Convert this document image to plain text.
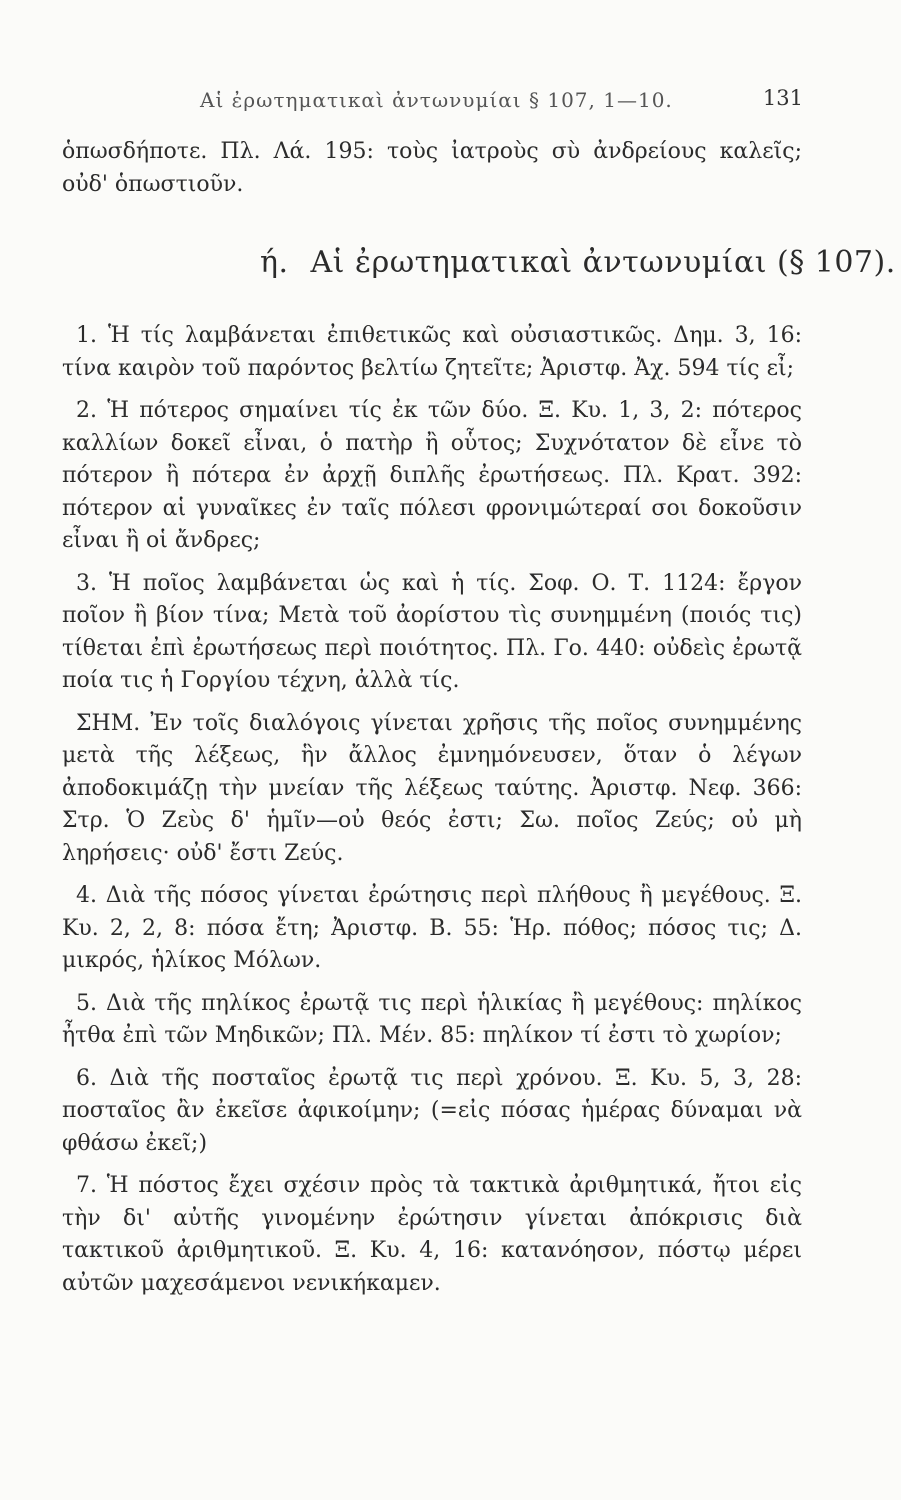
Αἱ ἐρωτηματικαὶ ἀντωνυμίαι § 107, 1—10.	131

ὁπωσδήποτε. Πλ. Λά. 195: τοὺς ἰατροὺς σὺ ἀνδρείους καλεῖς; οὐδ' ὁπωστιοῦν.

ή. Αἱ ἐρωτηματικαὶ ἀντωνυμίαι (§ 107).

1. Ἡ τίς λαμβάνεται ἐπιθετικῶς καὶ οὐσιαστικῶς. Δημ. 3, 16: τίνα καιρὸν τοῦ παρόντος βελτίω ζητεῖτε; Ἀριστφ. Ἀχ. 594 τίς εἶ;

2. Ἡ πότερος σημαίνει τίς ἐκ τῶν δύο. Ξ. Κυ. 1, 3, 2: πότερος καλλίων δοκεῖ εἶναι, ὁ πατὴρ ἢ οὗτος; Συχνότατον δὲ εἶνε τὸ πότερον ἢ πότερα ἐν ἀρχῇ διπλῆς ἐρωτήσεως. Πλ. Κρατ. 392: πότερον αἱ γυναῖκες ἐν ταῖς πόλεσι φρονιμώτεραί σοι δοκοῦσιν εἶναι ἢ οἱ ἄνδρες;

3. Ἡ ποῖος λαμβάνεται ὡς καὶ ἡ τίς. Σοφ. Ο. Τ. 1124: ἔργον ποῖον ἢ βίον τίνα; Μετὰ τοῦ ἀορίστου τὶς συνημμένη (ποιός τις) τίθεται ἐπὶ ἐρωτήσεως περὶ ποιότητος. Πλ. Γο. 440: οὐδεὶς ἐρωτᾷ ποία τις ἡ Γοργίου τέχνη, ἀλλὰ τίς.

ΣΗΜ. Ἐν τοῖς διαλόγοις γίνεται χρῆσις τῆς ποῖος συνημμένης μετὰ τῆς λέξεως, ἣν ἄλλος ἐμνημόνευσεν, ὅταν ὁ λέγων ἀποδοκιμάζῃ τὴν μνείαν τῆς λέξεως ταύτης. Ἀριστφ. Νεφ. 366: Στρ. Ὁ Ζεὺς δ' ἡμῖν—οὐ θεός ἐστι; Σω. ποῖος Ζεύς; οὐ μὴ ληρήσεις· οὐδ' ἔστι Ζεύς.

4. Διὰ τῆς πόσος γίνεται ἐρώτησις περὶ πλήθους ἢ μεγέθους. Ξ. Κυ. 2, 2, 8: πόσα ἔτη; Ἀριστφ. Β. 55: Ἡρ. πόθος; πόσος τις; Δ. μικρός, ἡλίκος Μόλων.

5. Διὰ τῆς πηλίκος ἐρωτᾷ τις περὶ ἡλικίας ἢ μεγέθους: πηλίκος ἦτθα ἐπὶ τῶν Μηδικῶν; Πλ. Μέν. 85: πηλίκον τί ἐστι τὸ χωρίον;

6. Διὰ τῆς ποσταῖος ἐρωτᾷ τις περὶ χρόνου. Ξ. Κυ. 5, 3, 28: ποσταῖος ἂν ἐκεῖσε ἀφικοίμην; (=εἰς πόσας ἡμέρας δύναμαι νὰ φθάσω ἐκεῖ;)

7. Ἡ πόστος ἔχει σχέσιν πρὸς τὰ τακτικὰ ἀριθμητικά, ἤτοι εἰς τὴν δι' αὐτῆς γινομένην ἐρώτησιν γίνεται ἀπόκρισις διὰ τακτικοῦ ἀριθμητικοῦ. Ξ. Κυ. 4, 16: κατανόησον, πόστῳ μέρει αὐτῶν μαχεσάμενοι νενικήκαμεν.
